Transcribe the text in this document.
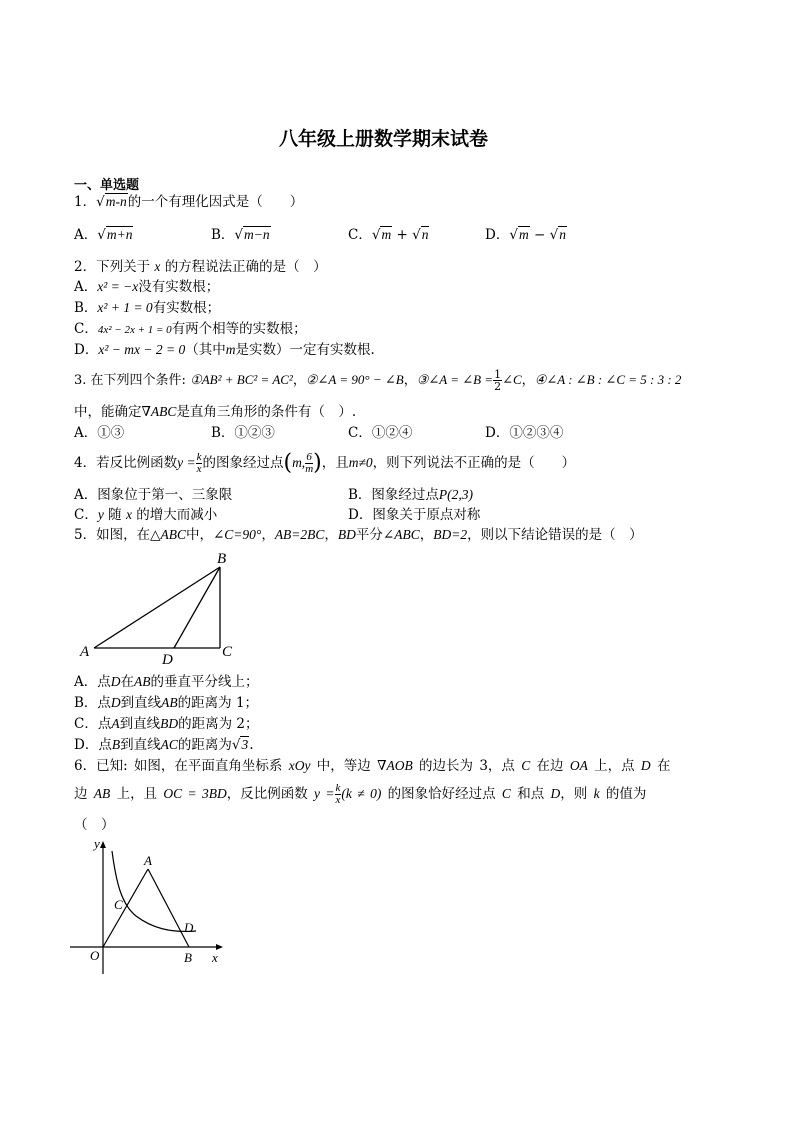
八年级上册数学期末试卷
一、单选题
1．√m-n的一个有理化因式是（　　）
A．√m+n	B．√m−n	C．√m + √n	D．√m − √n
2．下列关于 x 的方程说法正确的是（　）
A．x² = −x没有实数根；
B．x² + 1 = 0有实数根；
C．4x² − 2x + 1 = 0有两个相等的实数根；
D．x² − mx − 2 = 0（其中m是实数）一定有实数根.
3. 在下列四个条件: ①AB² + BC² = AC²，②∠A = 90° − ∠B，③∠A = ∠B = $\frac{1}{2}$ ∠C，④∠A : ∠B : ∠C = 5 : 3 : 2
中，能确定∇ABC是直角三角形的条件有（　）.
A．①③	B．①②③	C．①②④	D．①②③④
4．若反比例函数$y = \frac{k}{x}$ 的图象经过点(m, $\frac{6}{m}$ )，且m≠0，则下列说法不正确的是（　　）
A．图象位于第一、三象限	B．图象经过点P(2,3)
C．y 随 x 的增大而减小	D．图象关于原点对称
5．如图，在△ABC中，∠C=90°，AB=2BC，BD平分∠ABC，BD=2，则以下结论错误的是（　）
A
B
C
D
A．点D在AB的垂直平分线上；
B．点D到直线AB的距离为 1；
C．点A到直线BD的距离为 2；
D．点B到直线AC的距离为√3.
6．已知: 如图，在平面直角坐标系 xOy 中，等边 ∇AOB 的边长为 3，点 C 在边 OA 上，点 D 在
边 AB 上，且 OC = 3BD，反比例函数 $y = \frac{k}{x} (k \ne 0)$ 的图象恰好经过点 C 和点 D，则 k 的值为
（　）
y
x
O
A
B
C
D
